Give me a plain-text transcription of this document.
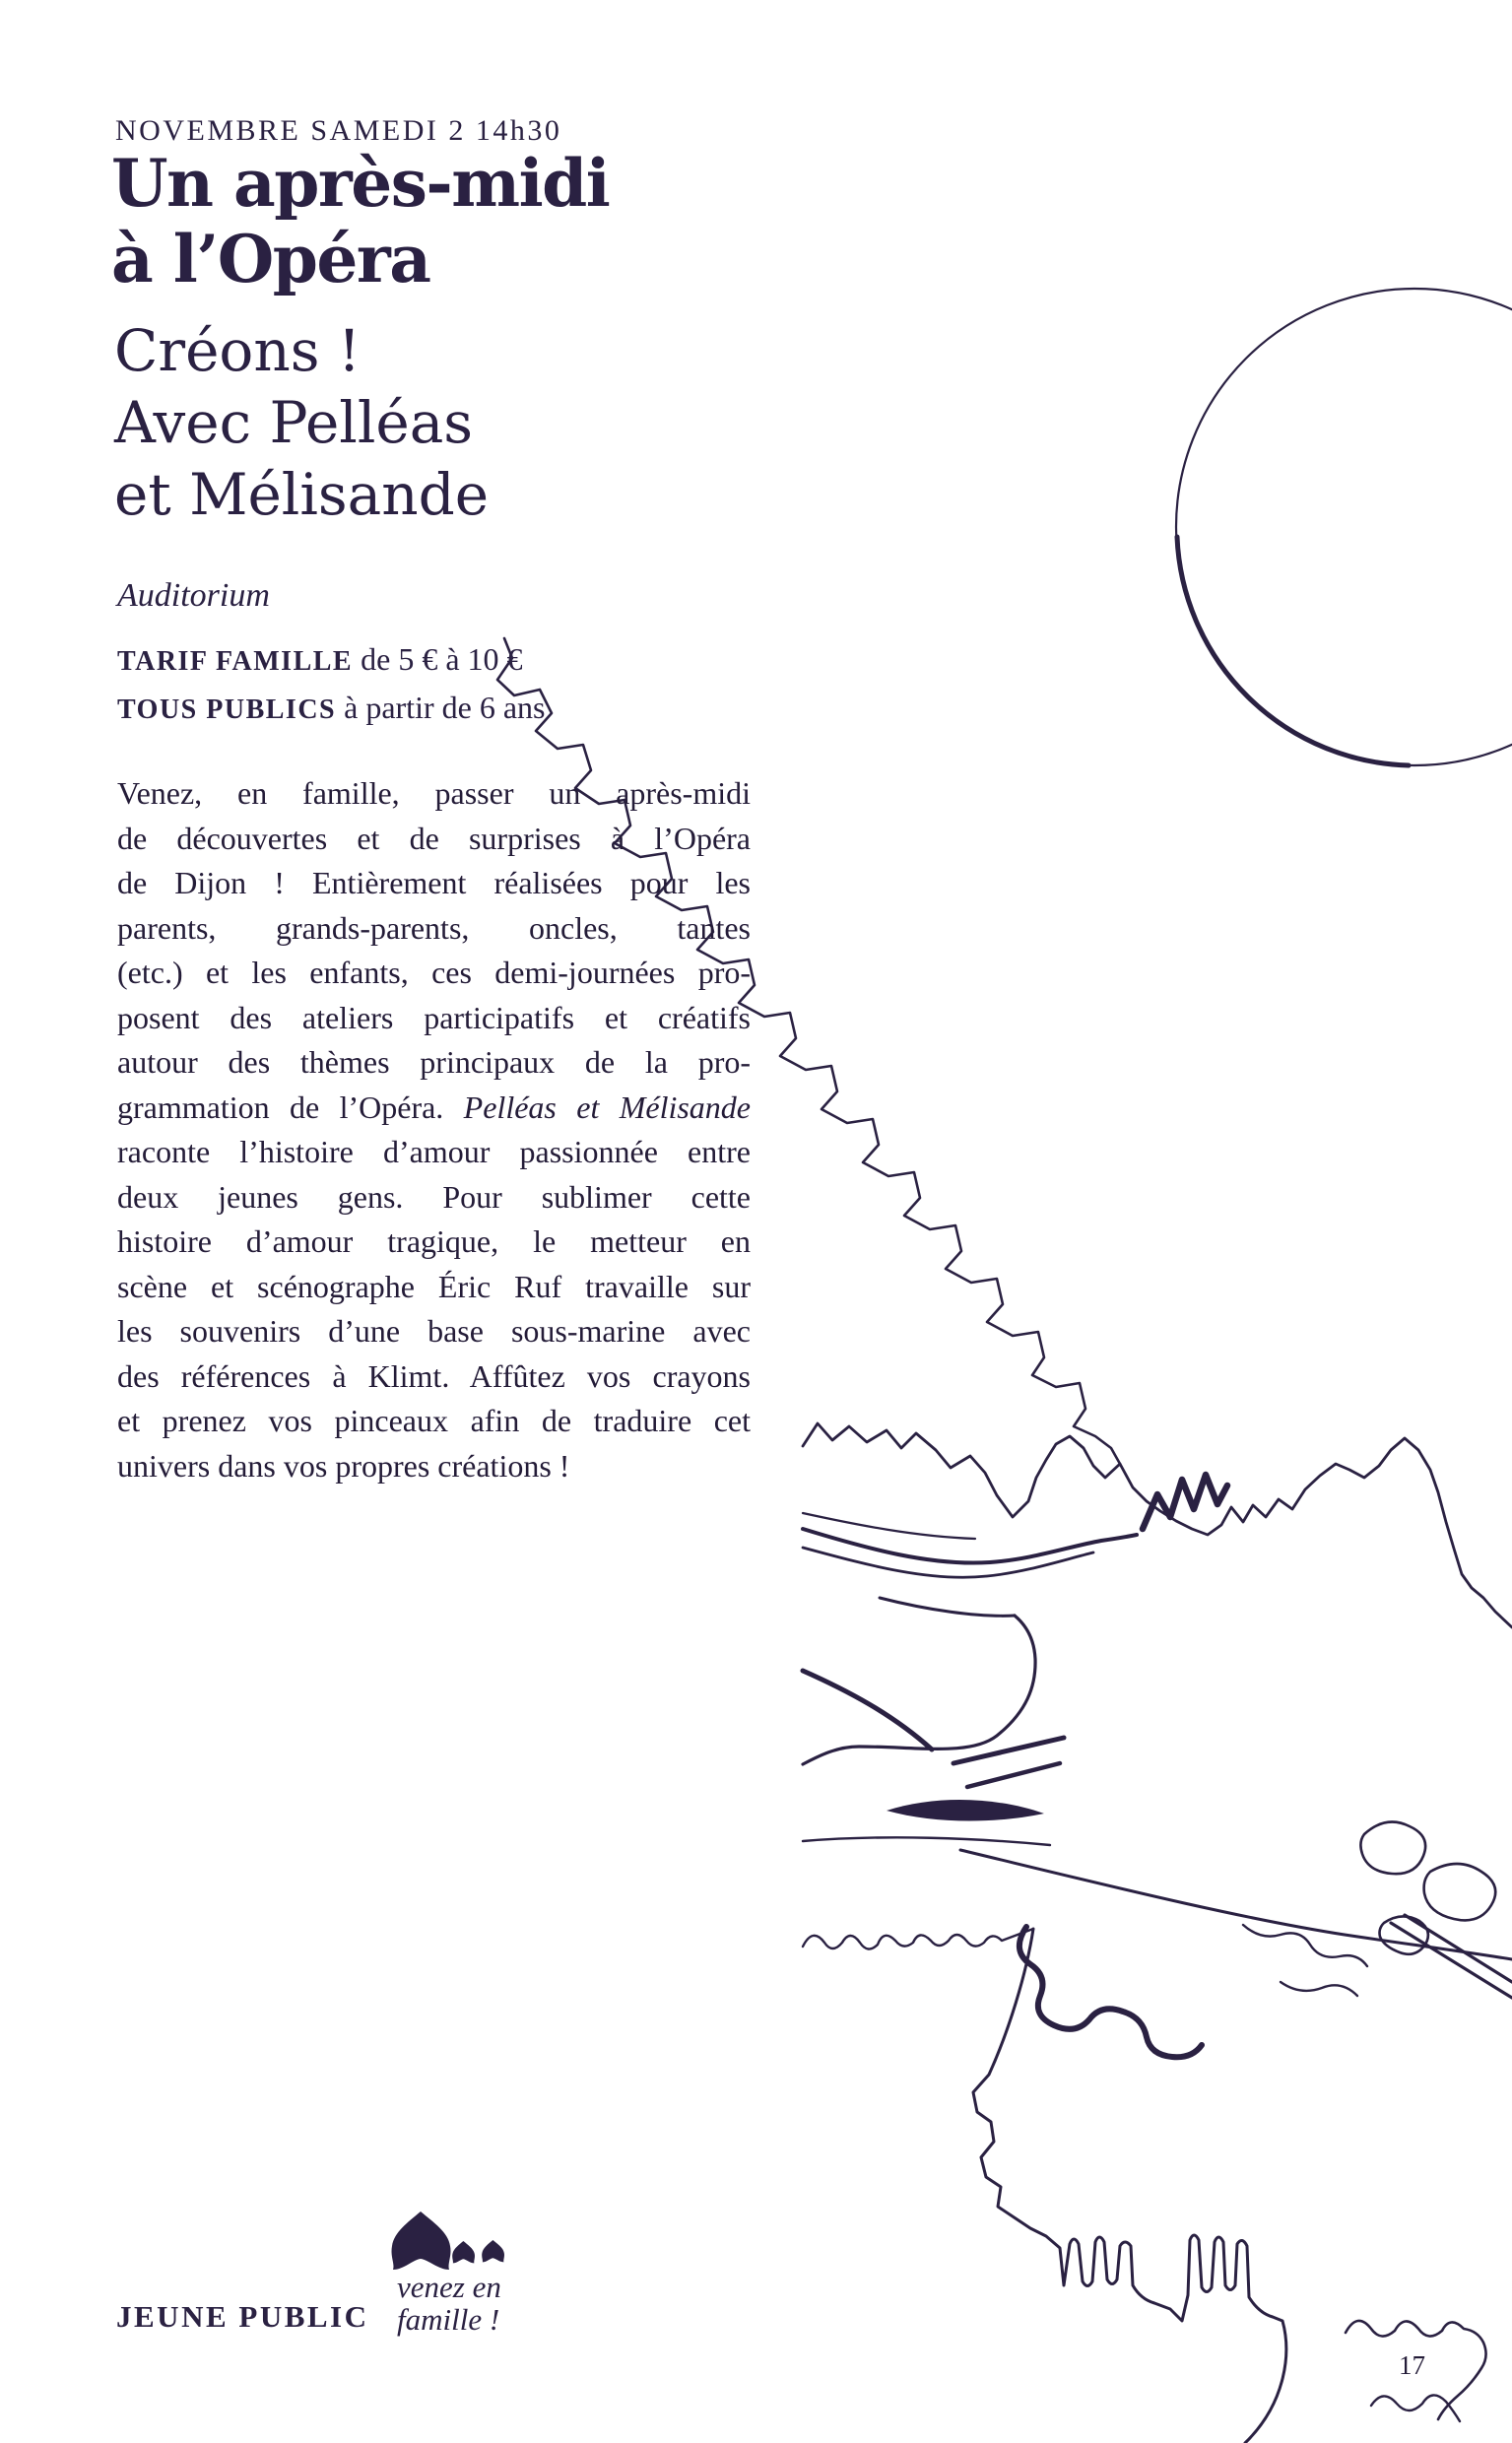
NOVEMBRE SAMEDI 2 14h30
Un après-midi
à l’Opéra
Créons !
Avec Pelléas
et Mélisande
Auditorium
TARIF FAMILLE de 5 € à 10 €
TOUS PUBLICS à partir de 6 ans
Venez, en famille, passer un après-midi
de découvertes et de surprises à l’Opéra
de Dijon ! Entièrement réalisées pour les
parents, grands-parents, oncles, tantes
(etc.) et les enfants, ces demi-journées pro-
posent des ateliers participatifs et créatifs
autour des thèmes principaux de la pro-
grammation de l’Opéra. Pelléas et Mélisande
raconte l’histoire d’amour passionnée entre
deux jeunes gens. Pour sublimer cette
histoire d’amour tragique, le metteur en
scène et scénographe Éric Ruf travaille sur
les souvenirs d’une base sous-marine avec
des références à Klimt. Affûtez vos crayons
et prenez vos pinceaux afin de traduire cet
univers dans vos propres créations !
JEUNE PUBLIC
venez en
famille !
17
